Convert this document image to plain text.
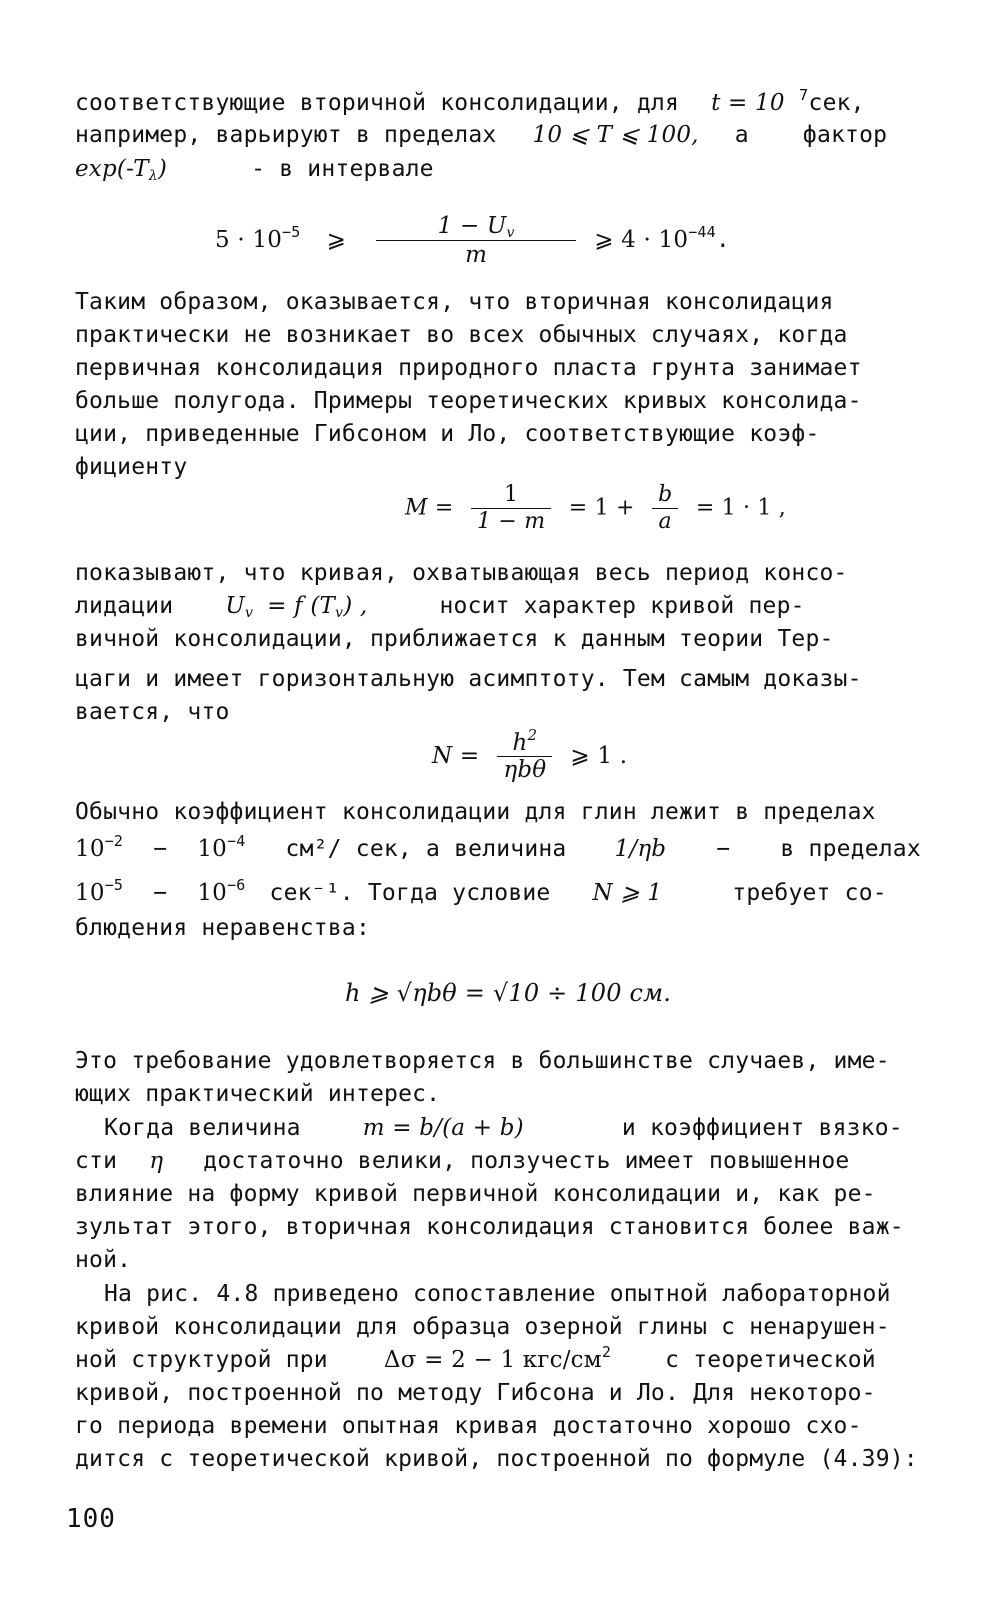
соответствующие вторичной консолидации, для t = 10 $^7$сек,
например, варьируют в пределах 10 ⩽ T ⩽ 100, а фактор
$\exp(-T_\lambda)$	- в интервале
$5 \cdot 10^{-5}$ ⩾ $\frac{1 - U_v}{m}$ ⩾ $4 \cdot 10^{-44}$.
Таким образом, оказывается, что вторичная консолидация
практически не возникает во всех обычных случаях, когда
первичная консолидация природного пласта грунта занимает
больше полугода. Примеры теоретических кривых консолида-
ции, приведенные Гибсоном и Ло, соответствующие коэф-
фициенту
$M = \frac{1}{1 - m} = 1 + \frac{b}{a} = 1 \cdot 1$ ,
показывают, что кривая, охватывающая весь период консо-
лидации $U_v = f$ $(T_v)$ ,	носит характер кривой пер-
вичной консолидации, приближается к данным теории Тер-
цаги и имеет горизонтальную асимптоту. Тем самым доказы-
вается, что
$N = \frac{h^2}{\text{ηbθ}}$ ⩾ 1 .
Обычно коэффициент консолидации для глин лежит в пределах
$10^{-2} - 10^{-4}$ см²/ сек, а величина 1/ηb − в пределах
$10^{-5} - 10^{-6}$ сек⁻¹. Тогда условие N ⩾ 1	требует со-
блюдения неравенства:
h ⩾ √ηbθ = √10 ÷ 100 см.
Это требование удовлетворяется в большинстве случаев, име-
ющих практический интерес.
Когда величина	m = b/(a + b)	и коэффициент вязко-
сти η достаточно велики, ползучесть имеет повышенное
влияние на форму кривой первичной консолидации и, как ре-
зультат этого, вторичная консолидация становится более важ-
ной.
На рис. 4.8 приведено сопоставление опытной лабораторной
кривой консолидации для образца озерной глины с ненарушен-
ной структурой при Δσ = 2 − 1 кгс/$см^2$ с теоретической
кривой, построенной по методу Гибсона и Ло. Для некоторо-
го периода времени опытная кривая достаточно хорошо схо-
дится с теоретической кривой, построенной по формуле (4.39):
100
